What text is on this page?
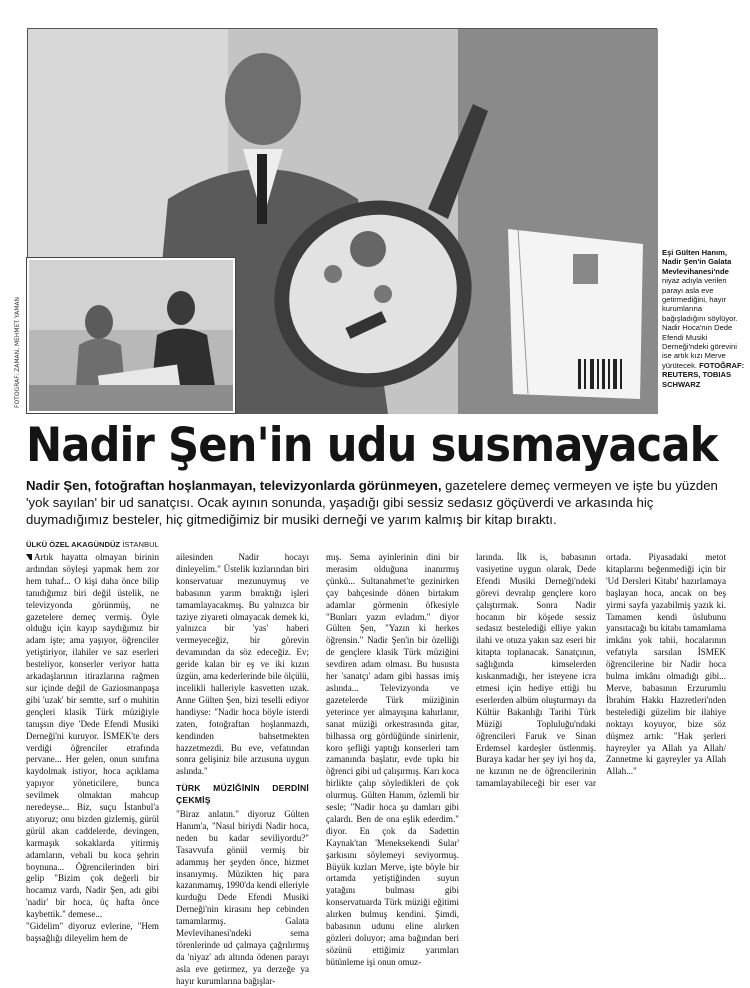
FOTOĞRAF: ZAMAN, MEHMET YAMAN
Eşi Gülten Hanım, Nadir Şen'in Galata Mevlevihanesi'nde niyaz adıyla verilen parayı asla eve getirmediğini, hayır kurumlarına bağışladığını söylüyor. Nadir Hoca'nın Dede Efendi Musiki Derneği'ndeki görevini ise artık kızı Merve yürütecek. FOTOĞRAF: REUTERS, TOBIAS SCHWARZ
Nadir Şen'in udu susmayacak
Nadir Şen, fotoğraftan hoşlanmayan, televizyonlarda görünmeyen, gazetelere demeç vermeyen ve işte bu yüzden 'yok sayılan' bir ud sanatçısı. Ocak ayının sonunda, yaşadığı gibi sessiz sedasız göçüverdi ve arkasında hiç duymadığımız besteler, hiç gitmediğimiz bir musiki derneği ve yarım kalmış bir kitap bıraktı.
ÜLKÜ ÖZEL AKAGÜNDÜZ İSTANBUL

Artık hayatta olmayan birinin ardından söyleşi yapmak hem zor hem tuhaf... O kişi daha önce bilip tanıdığımız biri değil üstelik, ne televizyonda görünmüş, ne gazetelere demeç vermiş. Öyle olduğu için kayıp saydığımız bir adam işte; ama yaşıyor, öğrenciler yetiştiriyor, ilahiler ve saz eserleri besteliyor, konserler veriyor hatta arkadaşlarının itirazlarına rağmen sur içinde değil de Gaziosmanpaşa gibi 'uzak' bir semtte, sırf o muhitin gençleri klasik Türk müziğiyle tanışsın diye 'Dede Efendi Musiki Derneği'ni kuruyor. İSMEK'te ders verdiği öğrenciler etrafında pervane... Her gelen, onun sınıfına kaydolmak istiyor, hoca açıklama yapıyor yöneticilere, bunca sevilmek olmaktan mahcup neredeyse... Biz, suçu İstanbul'a atıyoruz; onu bizden gizlemiş, gürül gürül akan caddelerde, devingen, karmaşık sokaklarda yitirmiş adamların, vebali bu koca şehrin boynuna... Öğrencilerinden biri gelip "Bizim çok değerli bir hocamız vardı, Nadir Şen, adı gibi 'nadir' bir hoca, üç hafta önce kaybettik." demese...

"Gidelim" diyoruz evlerine, "Hem başsağlığı dileyelim hem de

ailesinden Nadir hocayı dinleyelim." Üstelik kızlarından biri konservatuar mezunuymuş ve babasının yarım bıraktığı işleri tamamlayacakmış. Bu yalnızca bir taziye ziyareti olmayacak demek ki, yalnızca bir 'yas' haberi vermeyeceğiz, bir görevin devamından da söz edeceğiz. Ev; geride kalan bir eş ve iki kızın üzgün, ama kederlerinde bile ölçülü, incelikli halleriyle kasvetten uzak. Anne Gülten Şen, bizi teselli ediyor handiyse: "Nadir hoca böyle isterdi zaten, fotoğraftan hoşlanmazdı, kendinden bahsetmekten hazzetmezdi. Bu eve, vefatından sonra gelişiniz bile arzusuna uygun aslında."

TÜRK MÜZİĞİNİN DERDİNİ ÇEKMİŞ

"Biraz anlatın." diyoruz Gülten Hanım'a, "Nasıl biriydi Nadir hoca, neden bu kadar seviliyordu?" Tasavvufa gönül vermiş bir adammış her şeyden önce, hizmet insanıymış. Müzikten hiç para kazanmamış, 1990'da kendi elleriyle kurduğu Dede Efendi Musiki Derneği'nin kirasını hep cebinden tamamlarmış. Galata Mevlevihanesi'ndeki sema törenlerinde ud çalmaya çağrılırmış da 'niyaz' adı altında ödenen parayı asla eve getirmez, ya derzeğe ya hayır kurumlarına bağışlar-

mış. Sema ayinlerinin dini bir merasim olduğuna inanırmış çünkü... Sultanahmet'te gezinirken çay bahçesinde dönen birtakım adamlar görmenin öfkesiyle "Bunları yazın evladım." diyor Gülten Şen, "Yazın ki herkes öğrensin." Nadir Şen'in bir özelliği de gençlere klasik Türk müziğini sevdiren adam olması. Bu hususta her 'sanatçı' adam gibi hassas imiş aslında... Televizyonda ve gazetelerde Türk müziğinin yeterince yer almayışına kahırlanır, sanat müziği orkestrasında gitar, bilhassa org gördüğünde sinirlenir, koro şefliği yaptığı konserleri tam zamanında başlatır, evde tıpkı bir öğrenci gibi ud çalışırmış. Karı koca birlikte çalıp söyledikleri de çok olurmuş. Gülten Hanım, özlemli bir sesle; "Nadir hoca şu damları gibi çalardı. Ben de ona eşlik ederdim." diyor. En çok da Sadettin Kaynak'tan 'Meneksekendi Sular' şarkısını söylemeyi seviyormuş. Büyük kızları Merve, işte böyle bir ortamda yetiştiğinden suyun yatağını bulması gibi konservatuarda Türk müziği eğitimi alırken bulmuş kendini. Şimdi, babasının udunu eline alırken gözleri doluyor; ama bağından beri sözünü ettiğimiz yarımları bütünleme işi onun omuz-

larında. İlk is, babasının vasiyetine uygun olarak, Dede Efendi Musiki Derneği'ndeki görevi devralıp gençlere koro çalıştırmak. Sonra Nadir hocanın bir köşede sessiz sedasız bestelediği elliye yakın ilahi ve otuza yakın saz eseri bir kitapta toplanacak. Sanatçının, sağlığında kimselerden kıskanmadığı, her isteyene icra etmesi için hediye ettiği bu eserlerden albüm oluşturmayı da Kültür Bakanlığı Tarihi Türk Müziği Topluluğu'ndaki öğrencileri Faruk ve Sinan Erdemsel kardeşler üstlenmiş. Buraya kadar her şey iyi hoş da, ne kızının ne de öğrencilerinin tamamlayabileceği bir eser var ortada. Piyasadaki metot kitaplarını beğenmediği için bir 'Ud Dersleri Kitabı' hazırlamaya başlayan hoca, ancak on beş yirmi sayfa yazabilmiş yazık ki. Tamamen kendi üslubunu yansıtacağı bu kitabı tamamlama imkânı yok tabii, hocalarının vefatıyla sarsılan İSMEK öğrencilerine bir Nadir hoca bulma imkânı olmadığı gibi... Merve, babasının Erzurumlu İbrahim Hakkı Hazretleri'nden bestelediği güzelim bir ilahiye noktayı koyuyor, bize söz düşmez artık: "Hak şerleri hayreyler ya Allah ya Allah/ Zannetme ki gayreyler ya Allah Allah..."
